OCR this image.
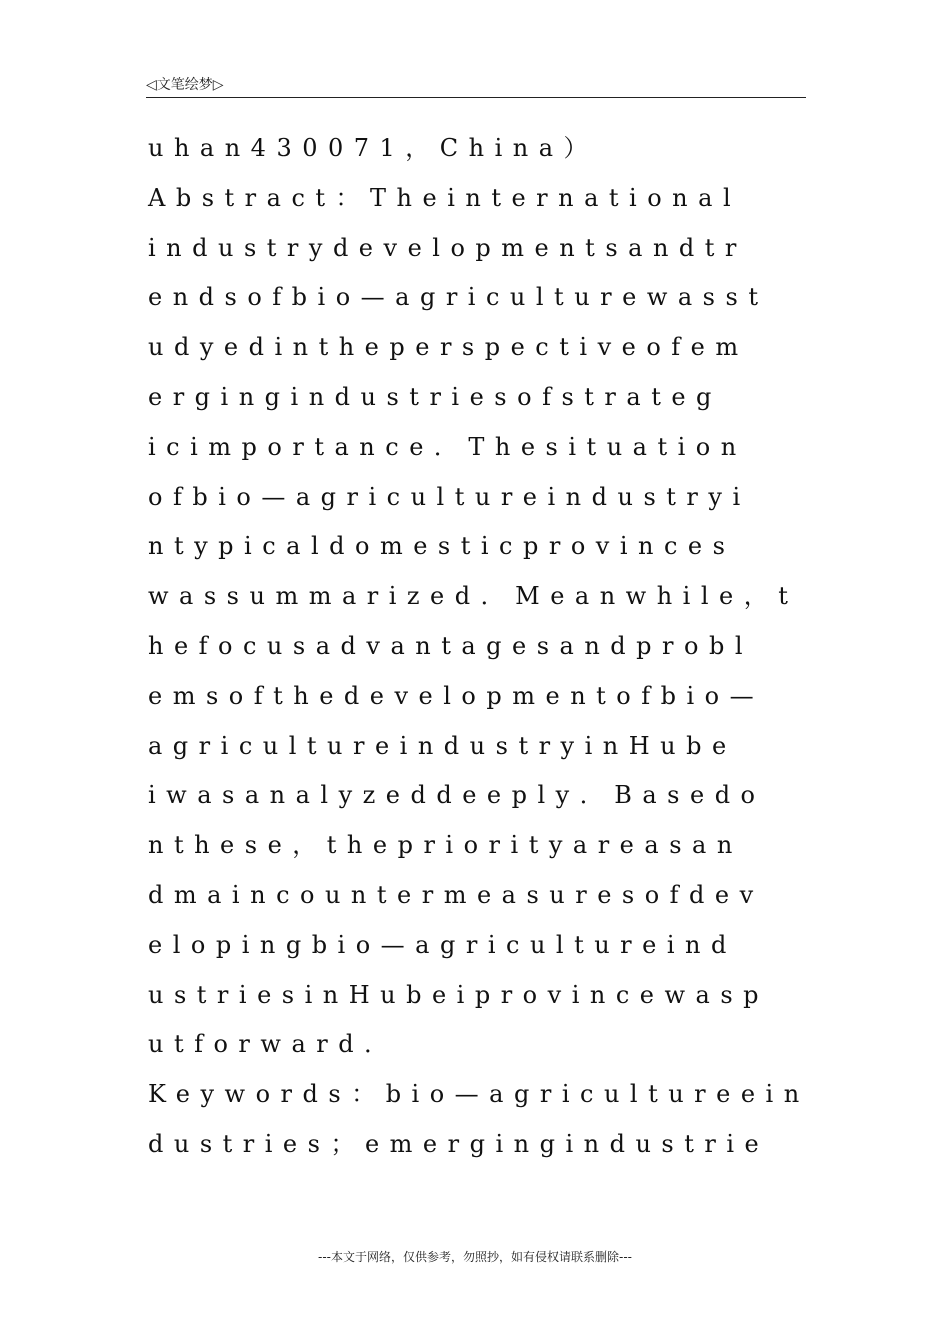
◁文笔绘梦▷
uhan430071，China）
Abstract：Theinternational
industrydevelopmentsandtr
endsofbio—agriculturewasst
udyedintheperspectiveofem
ergingindustriesofstrateg
icimportance．Thesituation
ofbio—agricultureindustryi
ntypicaldomesticprovinces
wassummarized．Meanwhile，t
hefocusadvantagesandprobl
emsofthedevelopmentofbio—
agricultureindustryinHube
iwasanalyzeddeeply．Basedo
nthese，thepriorityareasan
dmaincountermeasuresofdev
elopingbio—agricultureind
ustriesinHubeiprovincewasp
utforward．
Keywords：bio—agricultureein
dustries；emergingindustrie
---本文于网络，仅供参考，勿照抄，如有侵权请联系删除---
